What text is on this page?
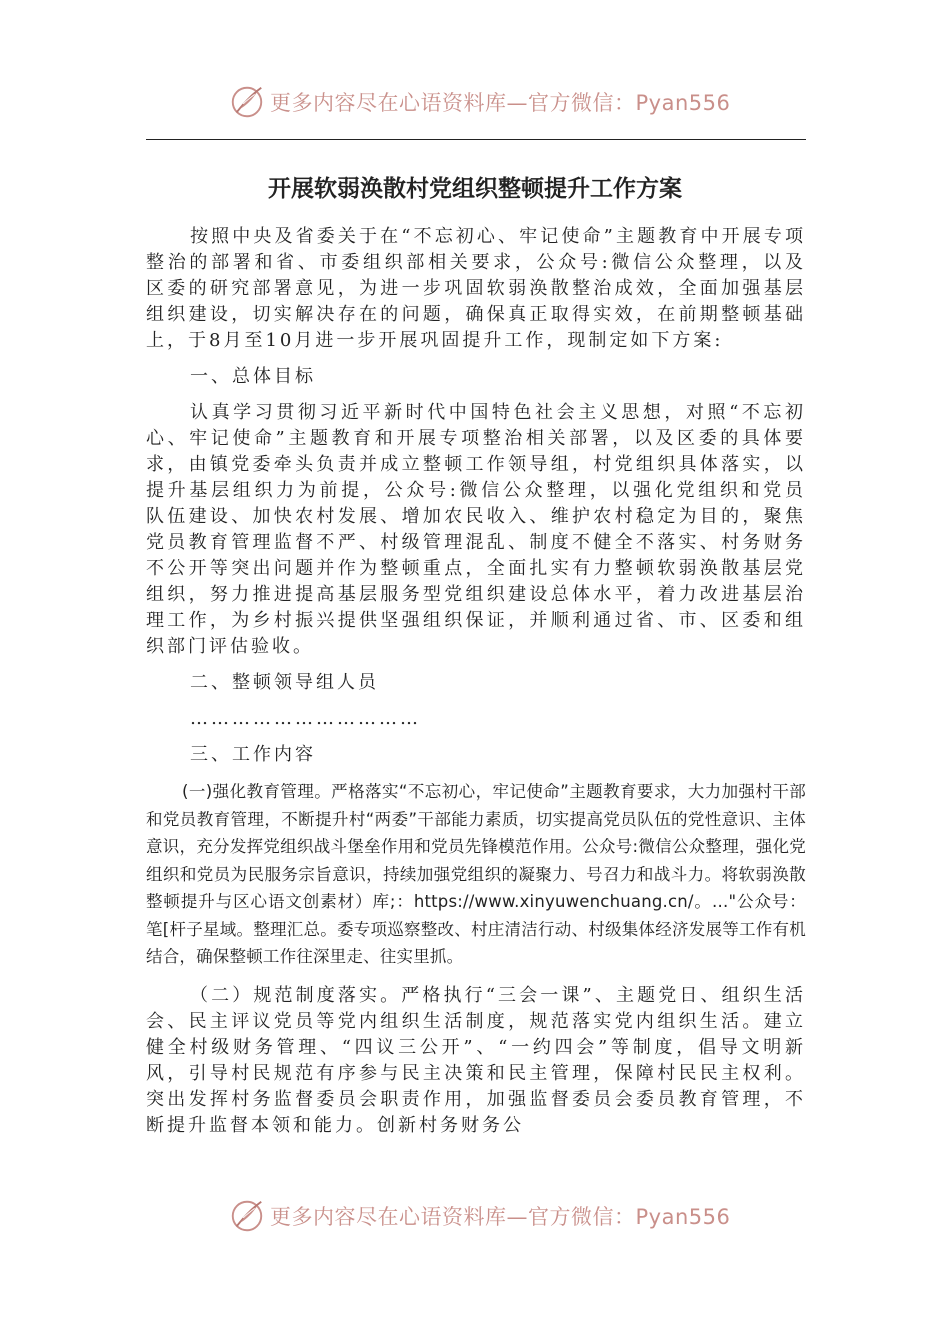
更多内容尽在心语资料库—官方微信：Pyan556
开展软弱涣散村党组织整顿提升工作方案

按照中央及省委关于在“不忘初心、牢记使命”主题教育中开展专项整治的部署和省、市委组织部相关要求，公众号:微信公众整理，以及区委的研究部署意见，为进一步巩固软弱涣散整治成效，全面加强基层组织建设，切实解决存在的问题，确保真正取得实效，在前期整顿基础上，于8月至10月进一步开展巩固提升工作，现制定如下方案:

一、总体目标

认真学习贯彻习近平新时代中国特色社会主义思想，对照“不忘初心、牢记使命”主题教育和开展专项整治相关部署，以及区委的具体要求，由镇党委牵头负责并成立整顿工作领导组，村党组织具体落实，以提升基层组织力为前提，公众号:微信公众整理，以强化党组织和党员队伍建设、加快农村发展、增加农民收入、维护农村稳定为目的，聚焦党员教育管理监督不严、村级管理混乱、制度不健全不落实、村务财务不公开等突出问题并作为整顿重点，全面扎实有力整顿软弱涣散基层党组织，努力推进提高基层服务型党组织建设总体水平，着力改进基层治理工作，为乡村振兴提供坚强组织保证，并顺利通过省、市、区委和组织部门评估验收。

二、整顿领导组人员

……………………………

三、工作内容

(一)强化教育管理。严格落实“不忘初心，牢记使命”主题教育要求，大力加强村干部和党员教育管理，不断提升村“两委”干部能力素质，切实提高党员队伍的党性意识、主体意识，充分发挥党组织战斗堡垒作用和党员先锋模范作用。公众号:微信公众整理，强化党组织和党员为民服务宗旨意识，持续加强党组织的凝聚力、号召力和战斗力。将软弱涣散整顿提升与区心语文创素材）库;：https://www.xinyuwenchuang.cn/。…"公众号：笔[杆子星域。整理汇总。委专项巡察整改、村庄清洁行动、村级集体经济发展等工作有机结合，确保整顿工作往深里走、往实里抓。

（二）规范制度落实。严格执行“三会一课”、主题党日、组织生活会、民主评议党员等党内组织生活制度，规范落实党内组织生活。建立健全村级财务管理、“四议三公开”、“一约四会”等制度，倡导文明新风，引导村民规范有序参与民主决策和民主管理，保障村民民主权利。突出发挥村务监督委员会职责作用，加强监督委员会委员教育管理，不断提升监督本领和能力。创新村务财务公

更多内容尽在心语资料库—官方微信：Pyan556
